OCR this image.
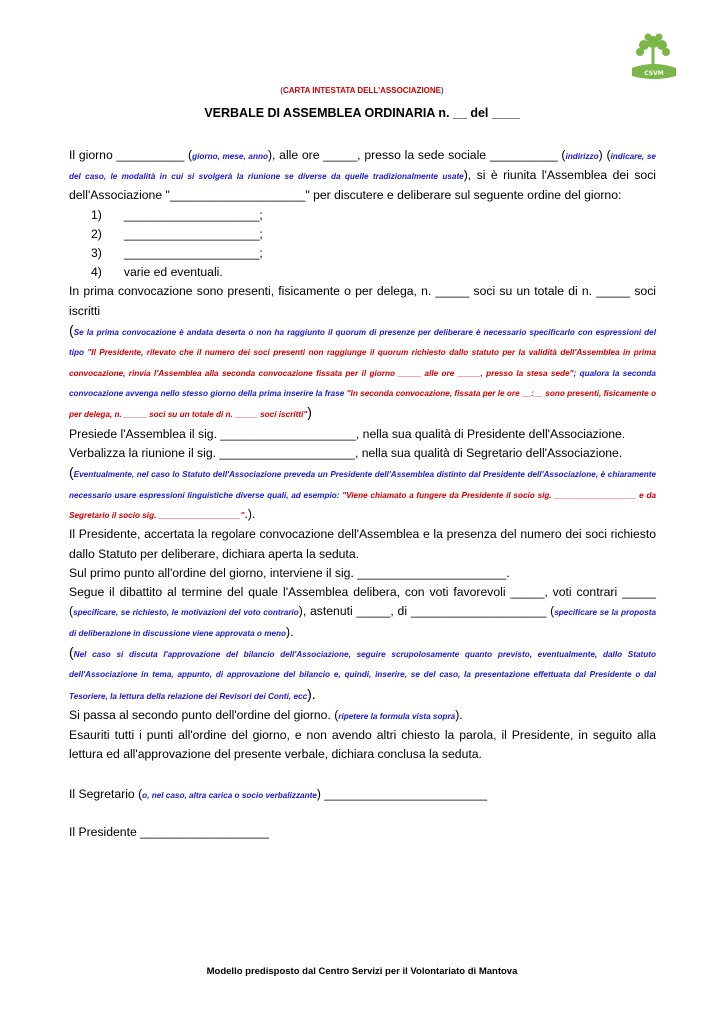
CSVM
(CARTA INTESTATA DELL'ASSOCIAZIONE)
VERBALE DI ASSEMBLEA ORDINARIA n. __ del ____

Il giorno __________ (giorno, mese, anno), alle ore _____, presso la sede sociale __________ (indirizzo) (indicare, se del caso, le modalità in cui si svolgerà la riunione se diverse da quelle tradizionalmente usate), si è riunita l'Assemblea dei soci dell'Associazione "____________________" per discutere e deliberare sul seguente ordine del giorno:

1) ____________________;
2) ____________________;
3) ____________________;
4) varie ed eventuali.

In prima convocazione sono presenti, fisicamente o per delega, n. _____ soci su un totale di n. _____ soci iscritti

(Se la prima convocazione è andata deserta o non ha raggiunto il quorum di presenze per deliberare è necessario specificarlo con espressioni del tipo "Il Presidente, rilevato che il numero dei soci presenti non raggiunge il quorum richiesto dallo statuto per la validità dell'Assemblea in prima convocazione, rinvia l'Assemblea alla seconda convocazione fissata per il giorno _____ alle ore _____, presso la stesa sede"; qualora la seconda convocazione avvenga nello stesso giorno della prima inserire la frase "In seconda convocazione, fissata per le ore __:__ sono presenti, fisicamente o per delega, n. _____ soci su un totale di n. _____ soci iscritti")

Presiede l'Assemblea il sig. ____________________, nella sua qualità di Presidente dell'Associazione.

Verbalizza la riunione il sig. ____________________, nella sua qualità di Segretario dell'Associazione.

(Eventualmente, nel caso lo Statuto dell'Associazione preveda un Presidente dell'Assemblea distinto dal Presidente dell'Associazione, è chiaramente necessario usare espressioni linguistiche diverse quali, ad esempio: "Viene chiamato a fungere da Presidente il socio sig. __________________ e da Segretario il socio sig. __________________".).

Il Presidente, accertata la regolare convocazione dell'Assemblea e la presenza del numero dei soci richiesto dallo Statuto per deliberare, dichiara aperta la seduta.

Sul primo punto all'ordine del giorno, interviene il sig. ______________________.

Segue il dibattito al termine del quale l'Assemblea delibera, con voti favorevoli _____, voti contrari _____ (specificare, se richiesto, le motivazioni del voto contrario), astenuti _____, di ____________________ (specificare se la proposta di deliberazione in discussione viene approvata o meno).

(Nel caso si discuta l'approvazione del bilancio dell'Associazione, seguire scrupolosamente quanto previsto, eventualmente, dallo Statuto dell'Associazione in tema, appunto, di approvazione del bilancio e, quindi, inserire, se del caso, la presentazione effettuata dal Presidente o dal Tesoriere, la lettura della relazione dei Revisori dei Conti, ecc).

Si passa al secondo punto dell'ordine del giorno. (ripetere la formula vista sopra).

Esauriti tutti i punti all'ordine del giorno, e non avendo altri chiesto la parola, il Presidente, in seguito alla lettura ed all'approvazione del presente verbale, dichiara conclusa la seduta.

Il Segretario (o, nel caso, altra carica o socio verbalizzante) ________________________

Il Presidente ___________________

Modello predisposto dal Centro Servizi per il Volontariato di Mantova
